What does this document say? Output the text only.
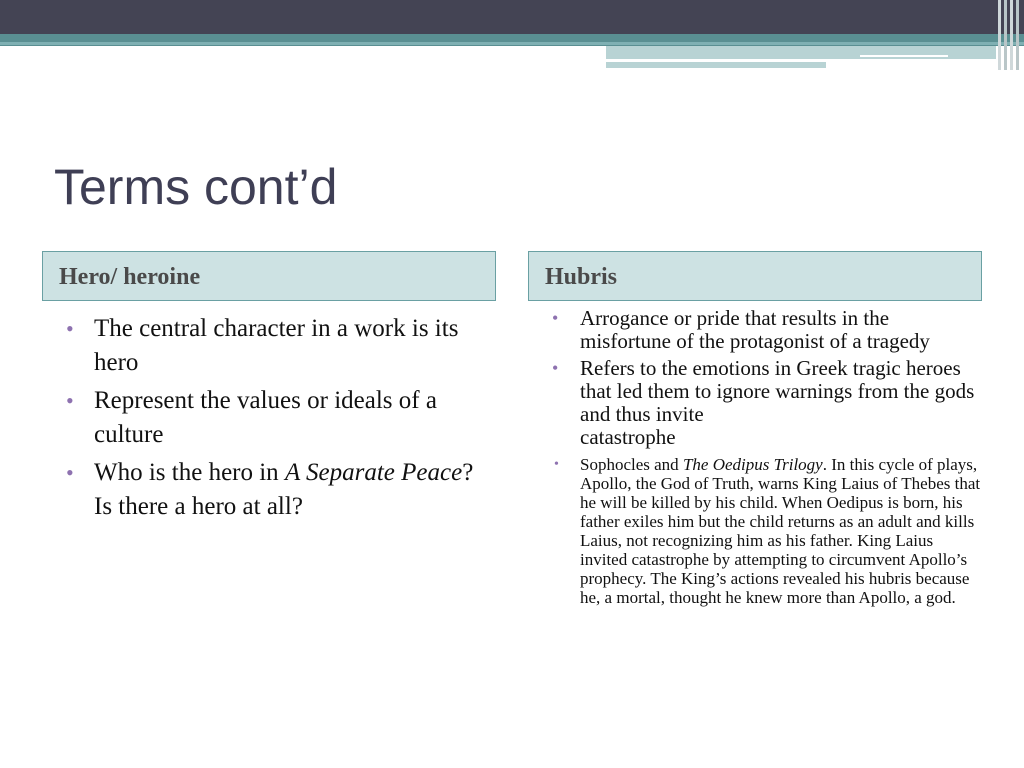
Terms cont’d
Hero/ heroine	Hubris
• The central character in a work is its hero
• Represent the values or ideals of a culture
• Who is the hero in A Separate Peace? Is there a hero at all?
• Arrogance or pride that results in the misfortune of the protagonist of a tragedy
• Refers to the emotions in Greek tragic heroes that led them to ignore warnings from the gods and thus invite
catastrophe
• Sophocles and The Oedipus Trilogy. In this cycle of plays, Apollo, the God of Truth, warns King Laius of Thebes that he will be killed by his child. When Oedipus is born, his father exiles him but the child returns as an adult and kills Laius, not recognizing him as his father. King Laius invited catastrophe by attempting to circumvent Apollo’s prophecy. The King’s actions revealed his hubris because he, a mortal, thought he knew more than Apollo, a god.
